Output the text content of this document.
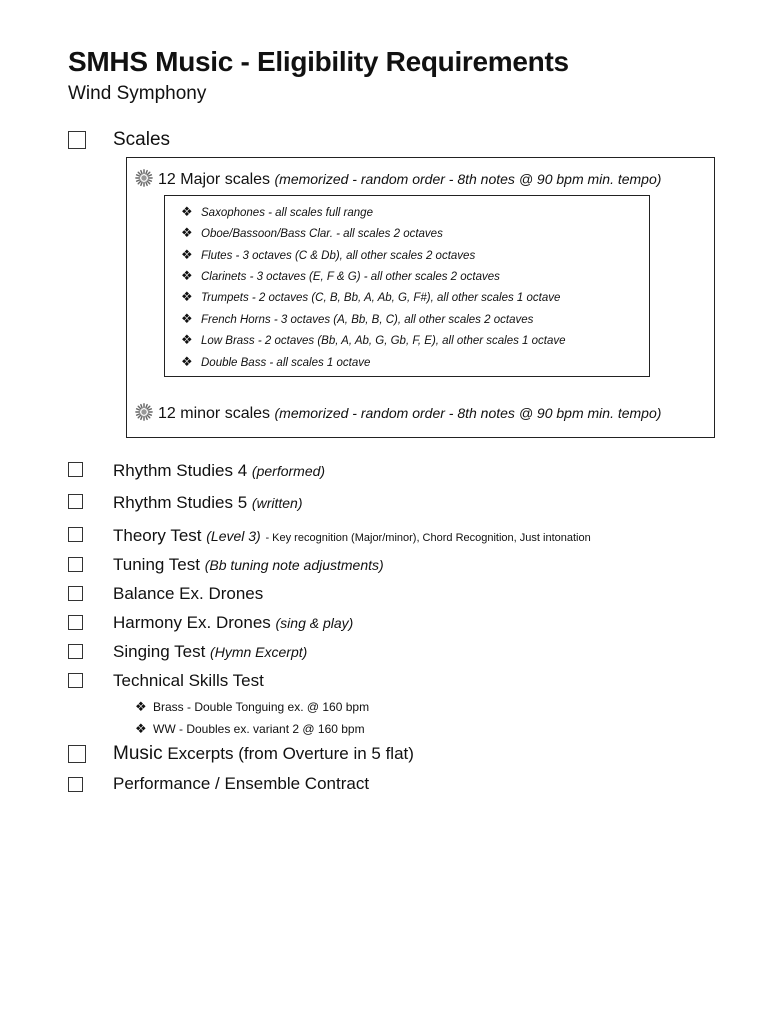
SMHS Music - Eligibility Requirements
Wind Symphony
Scales
12 Major scales (memorized - random order - 8th notes @ 90 bpm min. tempo)
❖ Saxophones - all scales full range
❖ Oboe/Bassoon/Bass Clar. - all scales 2 octaves
❖ Flutes - 3 octaves (C & Db), all other scales 2 octaves
❖ Clarinets - 3 octaves (E, F & G) - all other scales 2 octaves
❖ Trumpets - 2 octaves (C, B, Bb, A, Ab, G, F#), all other scales 1 octave
❖ French Horns - 3 octaves (A, Bb, B, C), all other scales 2 octaves
❖ Low Brass - 2 octaves (Bb, A, Ab, G, Gb, F, E), all other scales 1 octave
❖ Double Bass - all scales 1 octave
12 minor scales (memorized - random order - 8th notes @ 90 bpm min. tempo)
Rhythm Studies 4 (performed)
Rhythm Studies 5 (written)
Theory Test (Level 3) - Key recognition (Major/minor), Chord Recognition, Just intonation
Tuning Test (Bb tuning note adjustments)
Balance Ex. Drones
Harmony Ex. Drones (sing & play)
Singing Test (Hymn Excerpt)
Technical Skills Test
❖ Brass - Double Tonguing ex. @ 160 bpm
❖ WW - Doubles ex. variant 2 @ 160 bpm
Music Excerpts (from Overture in 5 flat)
Performance / Ensemble Contract
